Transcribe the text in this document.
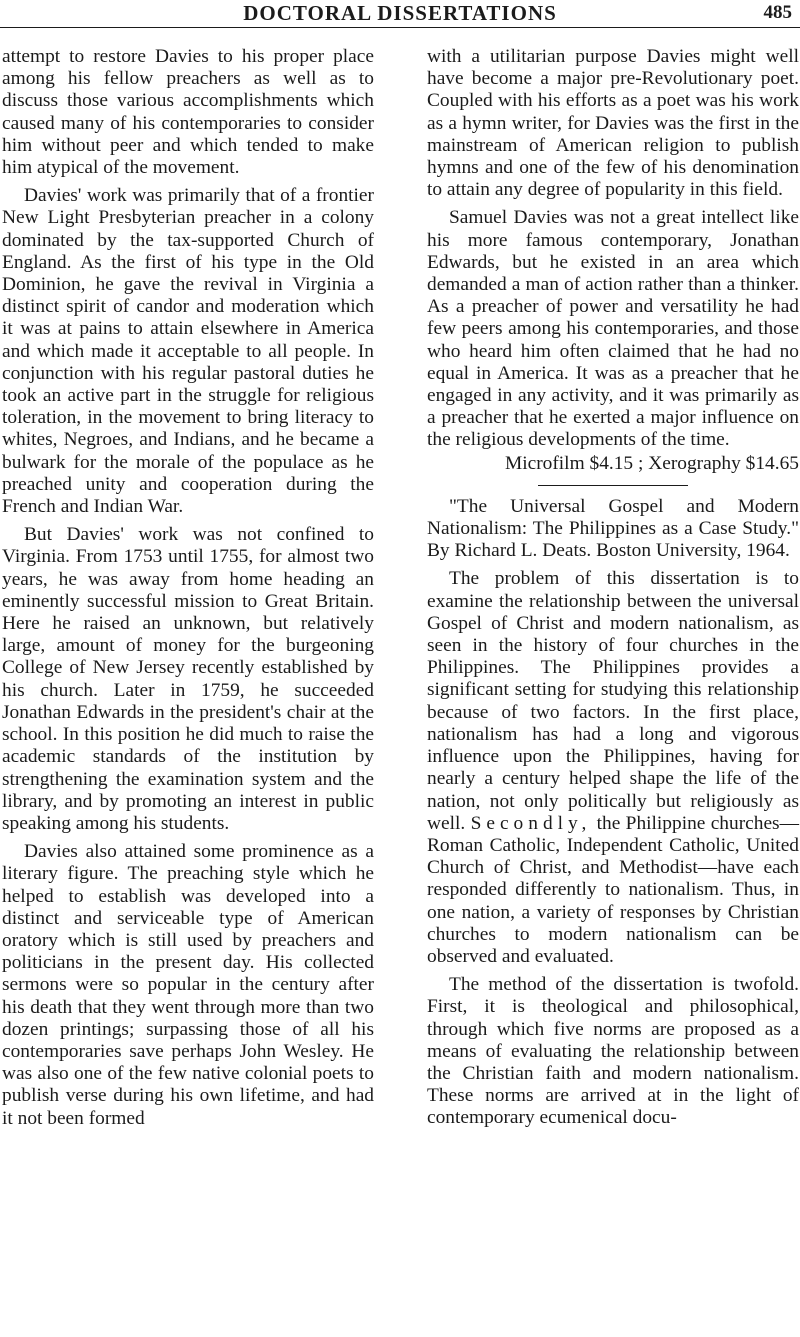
DOCTORAL DISSERTATIONS	485

attempt to restore Davies to his proper place among his fellow preachers as well as to discuss those various accomplishments which caused many of his contemporaries to consider him without peer and which tended to make him atypical of the movement.

Davies' work was primarily that of a frontier New Light Presbyterian preacher in a colony dominated by the tax-supported Church of England. As the first of his type in the Old Dominion, he gave the revival in Virginia a distinct spirit of candor and moderation which it was at pains to attain elsewhere in America and which made it acceptable to all people. In conjunction with his regular pastoral duties he took an active part in the struggle for religious toleration, in the movement to bring literacy to whites, Negroes, and Indians, and he became a bulwark for the morale of the populace as he preached unity and cooperation during the French and Indian War.

But Davies' work was not confined to Virginia. From 1753 until 1755, for almost two years, he was away from home heading an eminently successful mission to Great Britain. Here he raised an unknown, but relatively large, amount of money for the burgeoning College of New Jersey recently established by his church. Later in 1759, he succeeded Jonathan Edwards in the president's chair at the school. In this position he did much to raise the academic standards of the institution by strengthening the examination system and the library, and by promoting an interest in public speaking among his students.

Davies also attained some prominence as a literary figure. The preaching style which he helped to establish was developed into a distinct and serviceable type of American oratory which is still used by preachers and politicians in the present day. His collected sermons were so popular in the century after his death that they went through more than two dozen printings; surpassing those of all his contemporaries save perhaps John Wesley. He was also one of the few native colonial poets to publish verse during his own lifetime, and had it not been formed

with a utilitarian purpose Davies might well have become a major pre-Revolutionary poet. Coupled with his efforts as a poet was his work as a hymn writer, for Davies was the first in the mainstream of American religion to publish hymns and one of the few of his denomination to attain any degree of popularity in this field.

Samuel Davies was not a great intellect like his more famous contemporary, Jonathan Edwards, but he existed in an area which demanded a man of action rather than a thinker. As a preacher of power and versatility he had few peers among his contemporaries, and those who heard him often claimed that he had no equal in America. It was as a preacher that he engaged in any activity, and it was primarily as a preacher that he exerted a major influence on the religious developments of the time.

Microfilm $4.15 ; Xerography $14.65

"The Universal Gospel and Modern Nationalism: The Philippines as a Case Study." By Richard L. Deats. Boston University, 1964.

The problem of this dissertation is to examine the relationship between the universal Gospel of Christ and modern nationalism, as seen in the history of four churches in the Philippines. The Philippines provides a significant setting for studying this relationship because of two factors. In the first place, nationalism has had a long and vigorous influence upon the Philippines, having for nearly a century helped shape the life of the nation, not only politically but religiously as well. Secondly, the Philippine churches—Roman Catholic, Independent Catholic, United Church of Christ, and Methodist—have each responded differently to nationalism. Thus, in one nation, a variety of responses by Christian churches to modern nationalism can be observed and evaluated.

The method of the dissertation is twofold. First, it is theological and philosophical, through which five norms are proposed as a means of evaluating the relationship between the Christian faith and modern nationalism. These norms are arrived at in the light of contemporary ecumenical docu-
